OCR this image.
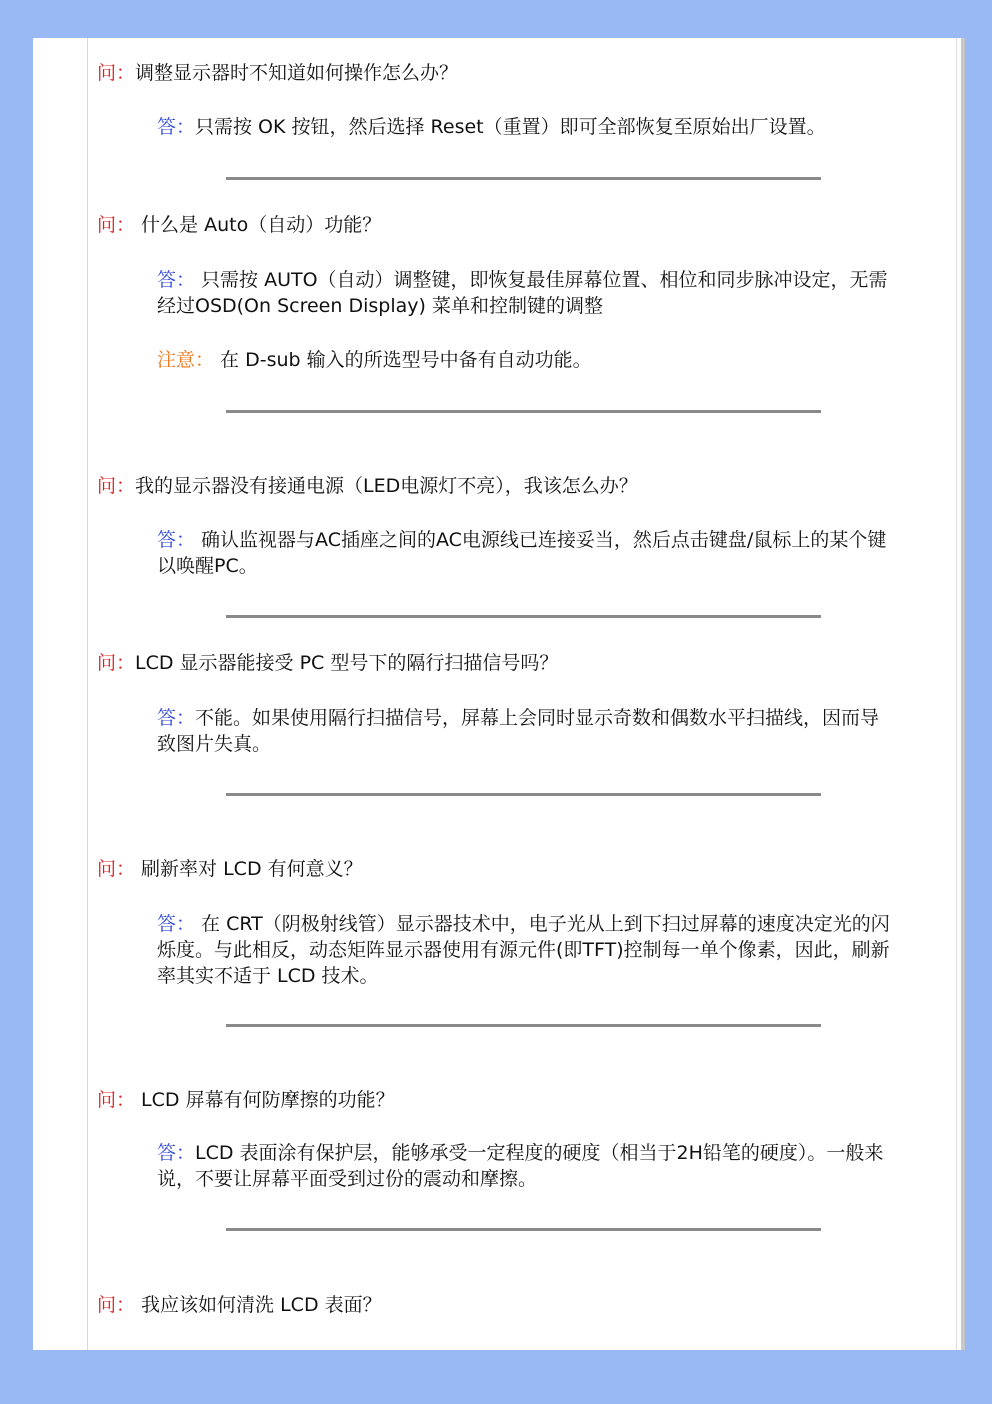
问：调整显示器时不知道如何操作怎么办？
答：只需按 OK 按钮，然后选择 Reset（重置）即可全部恢复至原始出厂设置。
问： 什么是 Auto（自动）功能？
答： 只需按 AUTO（自动）调整键，即恢复最佳屏幕位置、相位和同步脉冲设定，无需经过OSD(On Screen Display) 菜单和控制键的调整
注意： 在 D-sub 输入的所选型号中备有自动功能。
问：我的显示器没有接通电源（LED电源灯不亮），我该怎么办？
答： 确认监视器与AC插座之间的AC电源线已连接妥当，然后点击键盘/鼠标上的某个键以唤醒PC。
问：LCD 显示器能接受 PC 型号下的隔行扫描信号吗？
答：不能。如果使用隔行扫描信号，屏幕上会同时显示奇数和偶数水平扫描线，因而导致图片失真。
问： 刷新率对 LCD 有何意义？
答： 在 CRT（阴极射线管）显示器技术中，电子光从上到下扫过屏幕的速度决定光的闪烁度。与此相反，动态矩阵显示器使用有源元件(即TFT)控制每一单个像素，因此，刷新率其实不适于 LCD 技术。
问： LCD 屏幕有何防摩擦的功能？
答：LCD 表面涂有保护层，能够承受一定程度的硬度（相当于2H铅笔的硬度）。一般来说，不要让屏幕平面受到过份的震动和摩擦。
问： 我应该如何清洗 LCD 表面？
